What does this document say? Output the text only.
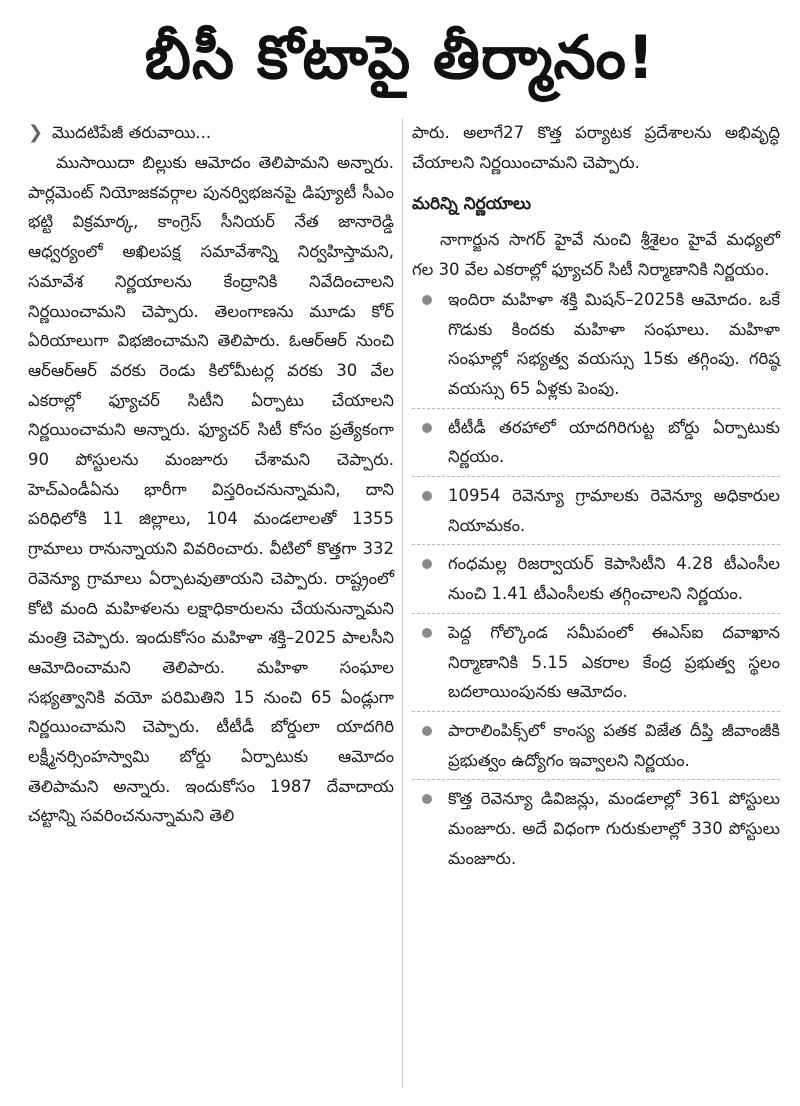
బీసీ కోటాపై తీర్మానం!
❯ మొదటిపేజీ తరువాయి...

ముసాయిదా బిల్లుకు ఆమోదం తెలిపామని అన్నారు. పార్లమెంట్ నియోజకవర్గాల పునర్విభజనపై డిప్యూటీ సీఎం భట్టి విక్రమార్క, కాంగ్రెస్ సీనియర్ నేత జానారెడ్డి ఆధ్వర్యంలో అఖిలపక్ష సమావేశాన్ని నిర్వహిస్తామని, సమావేశ నిర్ణయాలను కేంద్రానికి నివేదించాలని నిర్ణయించామని చెప్పారు. తెలంగాణను మూడు కోర్ ఏరియాలుగా విభజించామని తెలిపారు. ఓఆర్ఆర్ నుంచి ఆర్ఆర్ఆర్ వరకు రెండు కిలోమీటర్ల వరకు 30 వేల ఎకరాల్లో ఫ్యూచర్ సిటీని ఏర్పాటు చేయాలని నిర్ణయించామని అన్నారు. ఫ్యూచర్ సిటీ కోసం ప్రత్యేకంగా 90 పోస్టులను మంజూరు చేశామని చెప్పారు. హెచ్ఎండీఏను భారీగా విస్తరించనున్నామని, దాని పరిధిలోకి 11 జిల్లాలు, 104 మండలాలతో 1355 గ్రామాలు రానున్నాయని వివరించారు. వీటిలో కొత్తగా 332 రెవెన్యూ గ్రామాలు ఏర్పాటవుతాయని చెప్పారు. రాష్ట్రంలో కోటి మంది మహిళలను లక్షాధికారులను చేయనున్నామని మంత్రి చెప్పారు. ఇందుకోసం మహిళా శక్తి–2025 పాలసీని ఆమోదించామని తెలిపారు. మహిళా సంఘాల సభ్యత్వానికి వయో పరిమితిని 15 నుంచి 65 ఏండ్లుగా నిర్ణయించామని చెప్పారు. టీటీడీ బోర్డులా యాదగిరి లక్ష్మీనర్సింహస్వామి బోర్డు ఏర్పాటుకు ఆమోదం తెలిపామని అన్నారు. ఇందుకోసం 1987 దేవాదాయ చట్టాన్ని సవరించనున్నామని తెలి

పారు. అలాగే27 కొత్త పర్యాటక ప్రదేశాలను అభివృద్ధి చేయాలని నిర్ణయించామని చెప్పారు.

మరిన్ని నిర్ణయాలు

నాగార్జున సాగర్ హైవే నుంచి శ్రీశైలం హైవే మధ్యలో గల 30 వేల ఎకరాల్లో ఫ్యూచర్ సిటీ నిర్మాణానికి నిర్ణయం.

ఇందిరా మహిళా శక్తి మిషన్–2025కి ఆమోదం. ఒకే గొడుకు కిందకు మహిళా సంఘాలు. మహిళా సంఘాల్లో సభ్యత్వ వయస్సు 15కు తగ్గింపు. గరిష్ఠ వయస్సు 65 ఏళ్లకు పెంపు.
టీటీడీ తరహాలో యాదగిరిగుట్ట బోర్డు ఏర్పాటుకు నిర్ణయం.
10954 రెవెన్యూ గ్రామాలకు రెవెన్యూ అధికారుల నియామకం.
గంధమల్ల రిజర్వాయర్ కెపాసిటీని 4.28 టీఎంసీల నుంచి 1.41 టీఎంసీలకు తగ్గించాలని నిర్ణయం.
పెద్ద గోల్కొండ సమీపంలో ఈఎస్ఐ దవాఖాన నిర్మాణానికి 5.15 ఎకరాల కేంద్ర ప్రభుత్వ స్థలం బదలాయింపునకు ఆమోదం.
పారాలింపిక్స్‌లో కాంస్య పతక విజేత దీప్తి జీవాంజీకి ప్రభుత్వం ఉద్యోగం ఇవ్వాలని నిర్ణయం.
కొత్త రెవెన్యూ డివిజన్లు, మండలాల్లో 361 పోస్టులు మంజూరు. అదే విధంగా గురుకులాల్లో 330 పోస్టులు మంజూరు.
